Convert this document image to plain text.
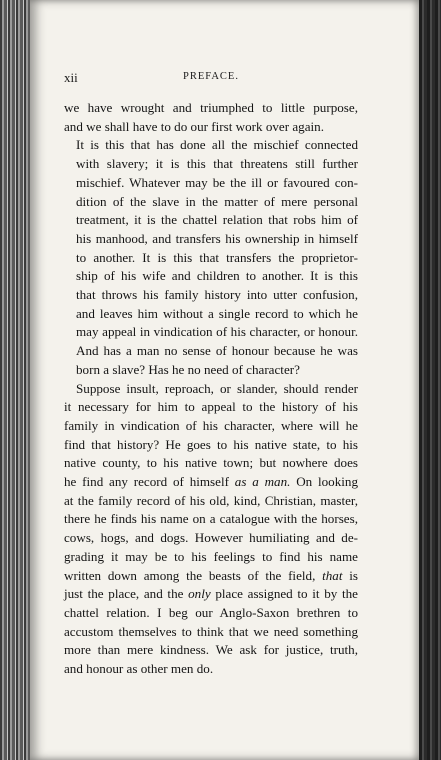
xii	PREFACE.

we have wrought and triumphed to little purpose,
and we shall have to do our first work over again.

It is this that has done all the mischief connected
with slavery; it is this that threatens still further
mischief. Whatever may be the ill or favoured con-
dition of the slave in the matter of mere personal
treatment, it is the chattel relation that robs him of
his manhood, and transfers his ownership in himself
to another. It is this that transfers the proprietor-
ship of his wife and children to another. It is this
that throws his family history into utter confusion,
and leaves him without a single record to which he
may appeal in vindication of his character, or honour.
And has a man no sense of honour because he was
born a slave? Has he no need of character?

Suppose insult, reproach, or slander, should render
it necessary for him to appeal to the history of his
family in vindication of his character, where will he
find that history? He goes to his native state, to his
native county, to his native town; but nowhere does
he find any record of himself as a man. On looking
at the family record of his old, kind, Christian, master,
there he finds his name on a catalogue with the horses,
cows, hogs, and dogs. However humiliating and de-
grading it may be to his feelings to find his name
written down among the beasts of the field, that is
just the place, and the only place assigned to it by the
chattel relation. I beg our Anglo-Saxon brethren to
accustom themselves to think that we need something
more than mere kindness. We ask for justice, truth,
and honour as other men do.
